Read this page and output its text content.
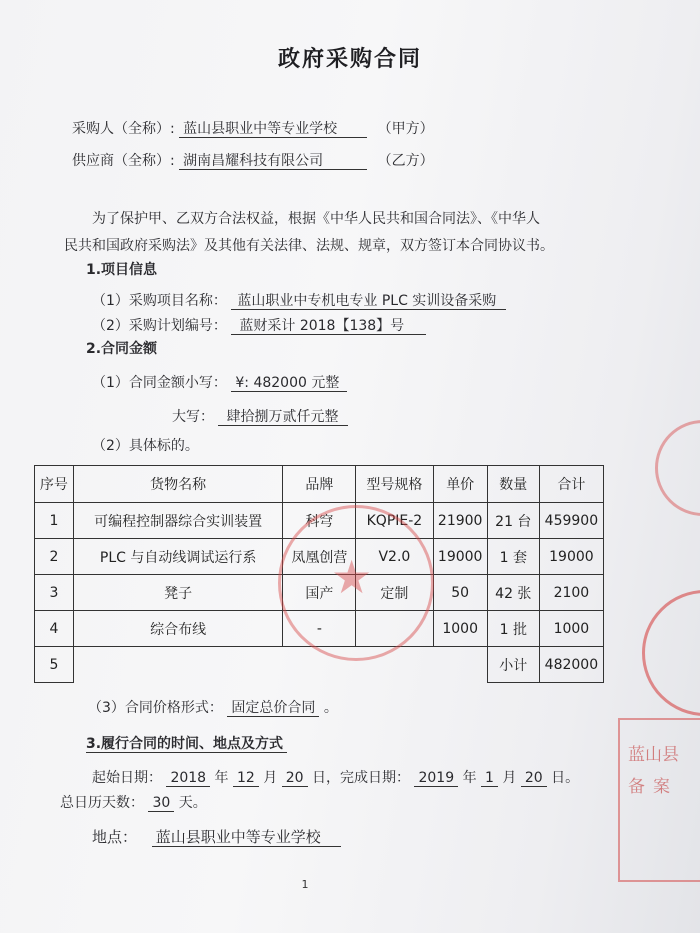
政府采购合同
采购人（全称）: 蓝山县职业中等专业学校	（甲方）
供应商（全称）: 湖南昌耀科技有限公司	（乙方）
为了保护甲、乙双方合法权益，根据《中华人民共和国合同法》、《中华人
民共和国政府采购法》及其他有关法律、法规、规章，双方签订本合同协议书。
1.项目信息
（1）采购项目名称： 蓝山职业中专机电专业 PLC 实训设备采购
（2）采购计划编号： 蓝财采计 2018【138】号
2.合同金额
（1）合同金额小写： ¥: 482000 元整
大写： 肆拾捌万贰仟元整
（2）具体标的。
序号	货物名称	品牌	型号规格	单价	数量	合计
1	可编程控制器综合实训装置	科穹	KQPIE-2	21900	21 台	459900
2	PLC 与自动线调试运行系	凤凰创营	V2.0	19000	1 套	19000
3	凳子	国产	定制	50	42 张	2100
4	综合布线	-		1000	1 批	1000
5					小计	482000
★
蓝山县
备案
（3）合同价格形式： 固定总价合同 。
3.履行合同的时间、地点及方式
起始日期： 2018 年 12 月 20 日，完成日期： 2019 年 1 月 20 日。
总日历天数： 30 天。
地点： 蓝山县职业中等专业学校
1
